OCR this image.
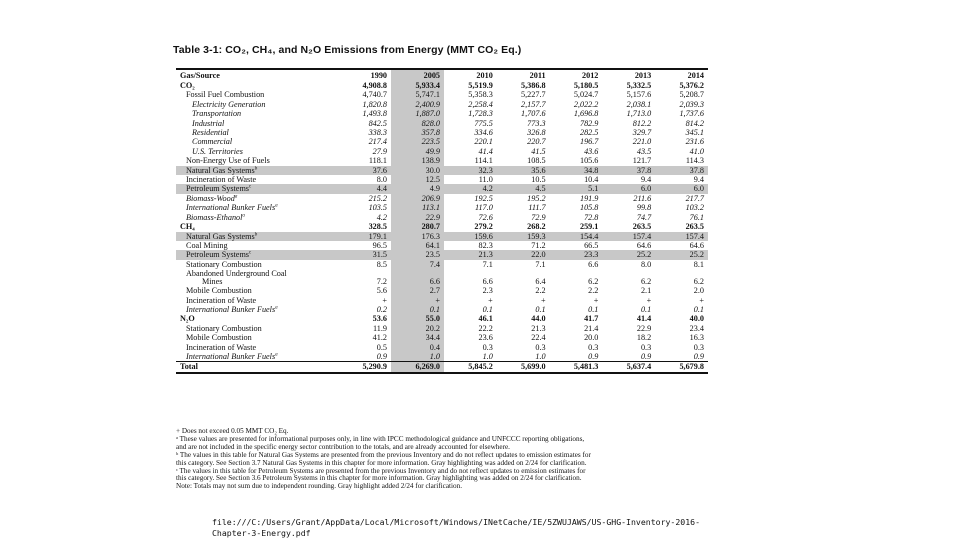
Table 3-1: CO₂, CH₄, and N₂O Emissions from Energy (MMT CO₂ Eq.)
Gas/Source	1990	2005	2010	2011	2012	2013	2014
CO₂	4,908.8	5,933.4	5,519.9	5,386.8	5,180.5	5,332.5	5,376.2
Fossil Fuel Combustion	4,740.7	5,747.1	5,358.3	5,227.7	5,024.7	5,157.6	5,208.7
Electricity Generation	1,820.8	2,400.9	2,258.4	2,157.7	2,022.2	2,038.1	2,039.3
Transportation	1,493.8	1,887.0	1,728.3	1,707.6	1,696.8	1,713.0	1,737.6
Industrial	842.5	828.0	775.5	773.3	782.9	812.2	814.2
Residential	338.3	357.8	334.6	326.8	282.5	329.7	345.1
Commercial	217.4	223.5	220.1	220.7	196.7	221.0	231.6
U.S. Territories	27.9	49.9	41.4	41.5	43.6	43.5	41.0
Non-Energy Use of Fuels	118.1	138.9	114.1	108.5	105.6	121.7	114.3
Natural Gas Systems$^b$	37.6	30.0	32.3	35.6	34.8	37.8	37.8
Incineration of Waste	8.0	12.5	11.0	10.5	10.4	9.4	9.4
Petroleum Systems$^c$	4.4	4.9	4.2	4.5	5.1	6.0	6.0
Biomass-Wood$^a$	215.2	206.9	192.5	195.2	191.9	211.6	217.7
International Bunker Fuels$^a$	103.5	113.1	117.0	111.7	105.8	99.8	103.2
Biomass-Ethanol$^a$	4.2	22.9	72.6	72.9	72.8	74.7	76.1
CH₄	328.5	280.7	279.2	268.2	259.1	263.5	263.5
Natural Gas Systems$^b$	179.1	176.3	159.6	159.3	154.4	157.4	157.4
Coal Mining	96.5	64.1	82.3	71.2	66.5	64.6	64.6
Petroleum Systems$^c$	31.5	23.5	21.3	22.0	23.3	25.2	25.2
Stationary Combustion	8.5	7.4	7.1	7.1	6.6	8.0	8.1

Abandoned Underground Coal
Mines	7.2	6.6	6.6	6.4	6.2	6.2	6.2
Mobile Combustion	5.6	2.7	2.3	2.2	2.2	2.1	2.0
Incineration of Waste	+	+	+	+	+	+	+
International Bunker Fuels$^a$	0.2	0.1	0.1	0.1	0.1	0.1	0.1
N₂O	53.6	55.0	46.1	44.0	41.7	41.4	40.0
Stationary Combustion	11.9	20.2	22.2	21.3	21.4	22.9	23.4
Mobile Combustion	41.2	34.4	23.6	22.4	20.0	18.2	16.3
Incineration of Waste	0.5	0.4	0.3	0.3	0.3	0.3	0.3
International Bunker Fuels$^a$	0.9	1.0	1.0	1.0	0.9	0.9	0.9
Total	5,290.9	6,269.0	5,845.2	5,699.0	5,481.3	5,637.4	5,679.8
+ Does not exceed 0.05 MMT CO₂ Eq.
ᵃ These values are presented for informational purposes only, in line with IPCC methodological guidance and UNFCCC reporting obligations,
and are not included in the specific energy sector contribution to the totals, and are already accounted for elsewhere.
ᵇ The values in this table for Natural Gas Systems are presented from the previous Inventory and do not reflect updates to emission estimates for
this category. See Section 3.7 Natural Gas Systems in this chapter for more information. Gray highlighting was added on 2/24 for clarification.
ᶜ The values in this table for Petroleum Systems are presented from the previous Inventory and do not reflect updates to emission estimates for
this category. See Section 3.6 Petroleum Systems in this chapter for more information. Gray highlighting was added on 2/24 for clarification.
Note: Totals may not sum due to independent rounding. Gray highlight added 2/24 for clarification.
file:///C:/Users/Grant/AppData/Local/Microsoft/Windows/INetCache/IE/5ZWUJAWS/US-GHG-Inventory-2016-
Chapter-3-Energy.pdf
